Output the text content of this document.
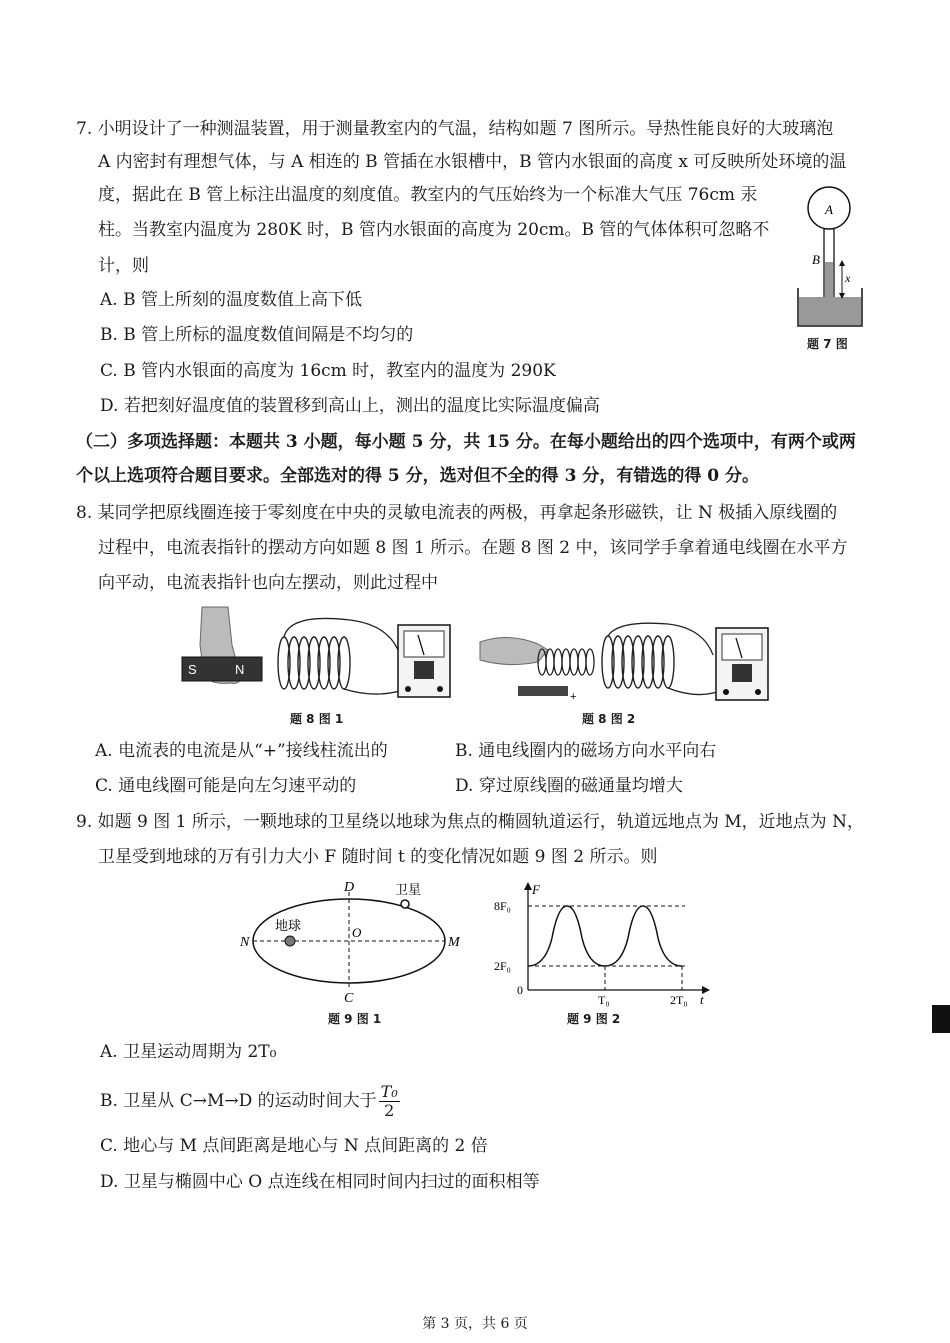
7. 小明设计了一种测温装置，用于测量教室内的气温，结构如题 7 图所示。导热性能良好的大玻璃泡
A 内密封有理想气体，与 A 相连的 B 管插在水银槽中，B 管内水银面的高度 x 可反映所处环境的温
度，据此在 B 管上标注出温度的刻度值。教室内的气压始终为一个标准大气压 76cm 汞
柱。当教室内温度为 280K 时，B 管内水银面的高度为 20cm。B 管的气体体积可忽略不
计，则
A. B 管上所刻的温度数值上高下低
B. B 管上所标的温度数值间隔是不均匀的
C. B 管内水银面的高度为 16cm 时，教室内的温度为 290K
D. 若把刻好温度值的装置移到高山上，测出的温度比实际温度偏高
A
B
x
题 7 图
（二）多项选择题：本题共 3 小题，每小题 5 分，共 15 分。在每小题给出的四个选项中，有两个或两
个以上选项符合题目要求。全部选对的得 5 分，选对但不全的得 3 分，有错选的得 0 分。
8. 某同学把原线圈连接于零刻度在中央的灵敏电流表的两极，再拿起条形磁铁，让 N 极插入原线圈的
过程中，电流表指针的摆动方向如题 8 图 1 所示。在题 8 图 2 中，该同学手拿着通电线圈在水平方
向平动，电流表指针也向左摆动，则此过程中
S	N
题 8 图 1
+
题 8 图 2
A. 电流表的电流是从“+”接线柱流出的	B. 通电线圈内的磁场方向水平向右
C. 通电线圈可能是向左匀速平动的	D. 穿过原线圈的磁通量均增大
9. 如题 9 图 1 所示，一颗地球的卫星绕以地球为焦点的椭圆轨道运行，轨道远地点为 M，近地点为 N，
卫星受到地球的万有引力大小 F 随时间 t 的变化情况如题 9 图 2 所示。则
D
C
N	M
O
地球
卫星
题 9 图 1
F
t
8F₀
2F₀
0
T₀	2T₀
题 9 图 2
A. 卫星运动周期为 2T₀
B. 卫星从 C→M→D 的运动时间大于 $\frac{\text{T₀}}{2}$
C. 地心与 M 点间距离是地心与 N 点间距离的 2 倍
D. 卫星与椭圆中心 O 点连线在相同时间内扫过的面积相等
第 3 页，共 6 页
